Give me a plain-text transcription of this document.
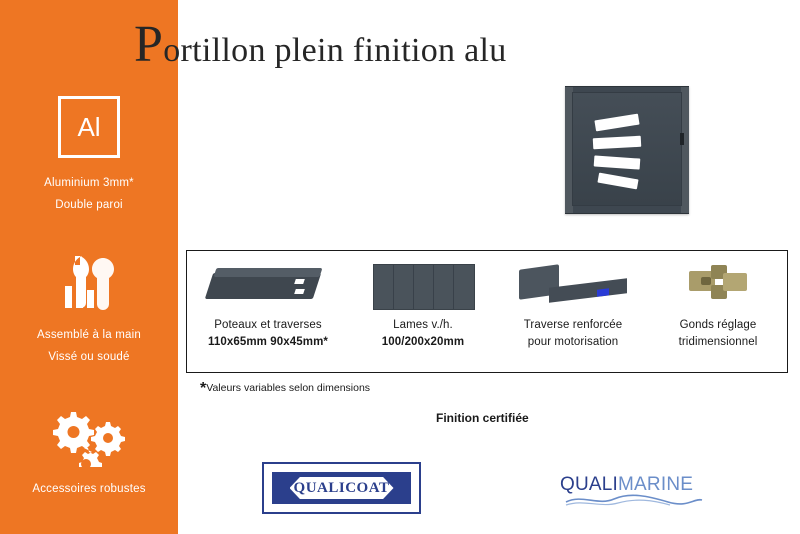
Al
Aluminium 3mm*
Double paroi
Assemblé à la main
Vissé ou soudé
Accessoires robustes
Portillon plein finition alu
Poteaux et traverses
110x65mm 90x45mm*
Lames v./h.
100/200x20mm
Traverse renforcée
pour motorisation
Gonds réglage
tridimensionnel
*Valeurs variables selon dimensions
Finition certifiée
QUALICOAT	QUALIMARINE
